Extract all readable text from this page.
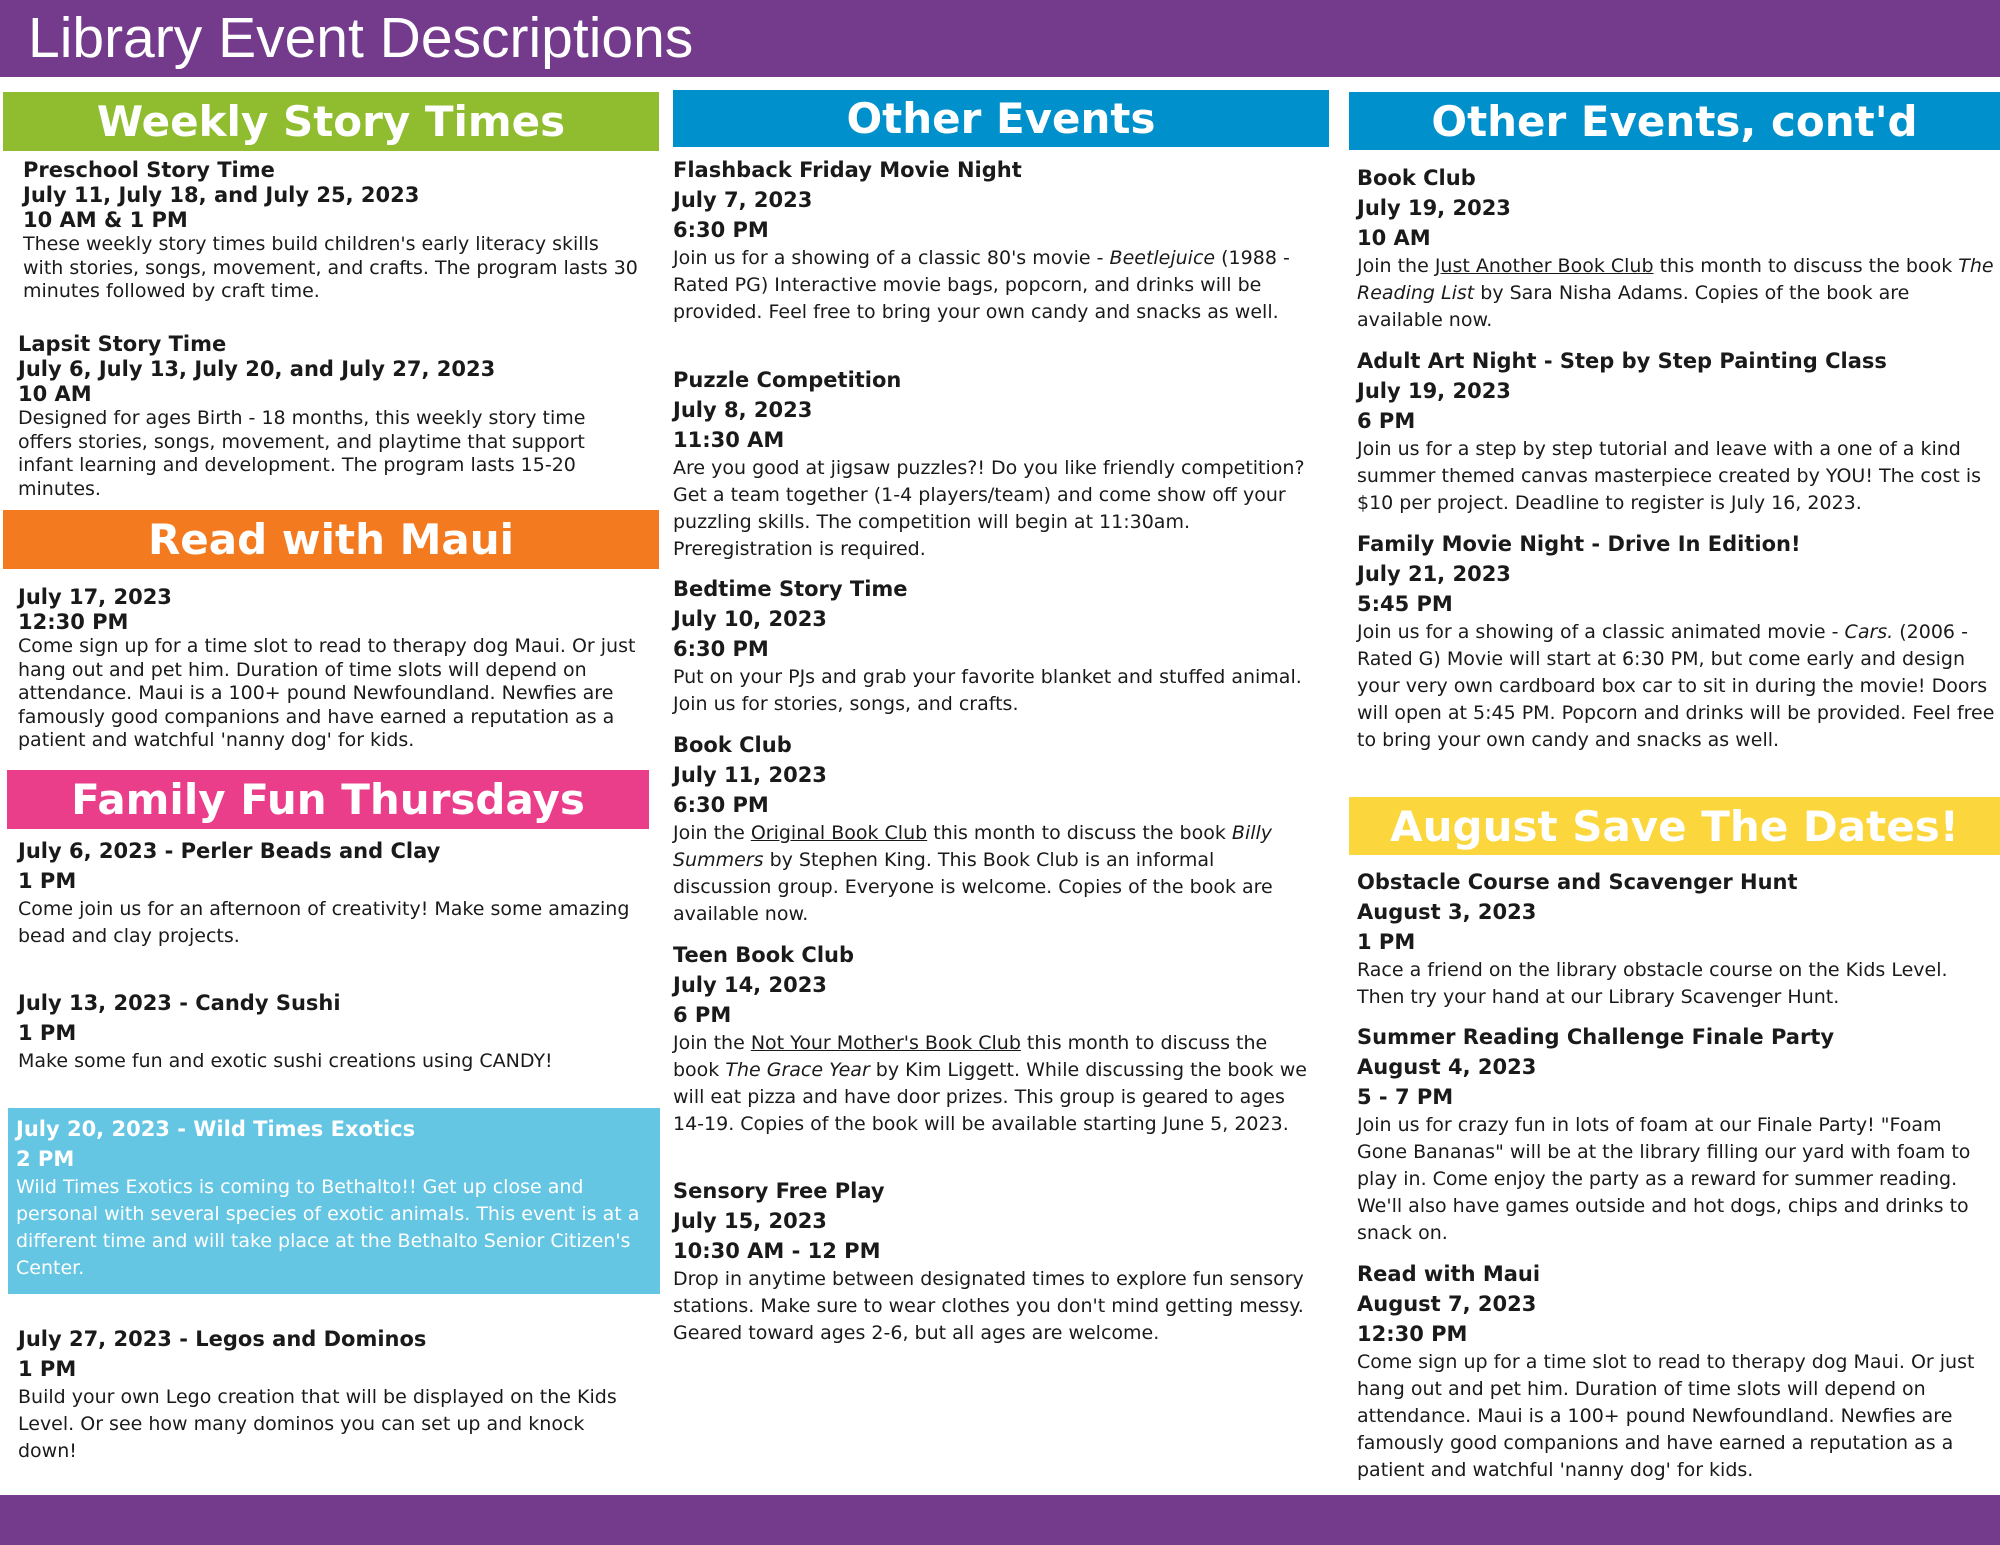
Library Event Descriptions
Weekly Story Times
Preschool Story Time
July 11, July 18, and July 25, 2023
10 AM & 1 PM
These weekly story times build children's early literacy skills with stories, songs, movement, and crafts. The program lasts 30 minutes followed by craft time.
Lapsit Story Time
July 6, July 13, July 20, and July 27, 2023
10 AM
Designed for ages Birth - 18 months, this weekly story time offers stories, songs, movement, and playtime that support infant learning and development. The program lasts 15-20 minutes.
Read with Maui
July 17, 2023
12:30 PM
Come sign up for a time slot to read to therapy dog Maui. Or just hang out and pet him. Duration of time slots will depend on attendance. Maui is a 100+ pound Newfoundland. Newfies are famously good companions and have earned a reputation as a patient and watchful 'nanny dog' for kids.
Family Fun Thursdays
July 6, 2023 - Perler Beads and Clay
1 PM
Come join us for an afternoon of creativity! Make some amazing bead and clay projects.
July 13, 2023 - Candy Sushi
1 PM
Make some fun and exotic sushi creations using CANDY!
July 20, 2023 - Wild Times Exotics
2 PM
Wild Times Exotics is coming to Bethalto!! Get up close and personal with several species of exotic animals. This event is at a different time and will take place at the Bethalto Senior Citizen's Center.
July 27, 2023 - Legos and Dominos
1 PM
Build your own Lego creation that will be displayed on the Kids Level. Or see how many dominos you can set up and knock down!
Other Events
Flashback Friday Movie Night
July 7, 2023
6:30 PM
Join us for a showing of a classic 80's movie - Beetlejuice (1988 - Rated PG) Interactive movie bags, popcorn, and drinks will be provided. Feel free to bring your own candy and snacks as well.
Puzzle Competition
July 8, 2023
11:30 AM
Are you good at jigsaw puzzles?! Do you like friendly competition? Get a team together (1-4 players/team) and come show off your puzzling skills. The competition will begin at 11:30am. Preregistration is required.
Bedtime Story Time
July 10, 2023
6:30 PM
Put on your PJs and grab your favorite blanket and stuffed animal. Join us for stories, songs, and crafts.
Book Club
July 11, 2023
6:30 PM
Join the Original Book Club this month to discuss the book Billy Summers by Stephen King. This Book Club is an informal discussion group. Everyone is welcome. Copies of the book are available now.
Teen Book Club
July 14, 2023
6 PM
Join the Not Your Mother's Book Club this month to discuss the book The Grace Year by Kim Liggett. While discussing the book we will eat pizza and have door prizes. This group is geared to ages 14-19. Copies of the book will be available starting June 5, 2023.
Sensory Free Play
July 15, 2023
10:30 AM - 12 PM
Drop in anytime between designated times to explore fun sensory stations. Make sure to wear clothes you don't mind getting messy. Geared toward ages 2-6, but all ages are welcome.
Other Events, cont'd
Book Club
July 19, 2023
10 AM
Join the Just Another Book Club this month to discuss the book The Reading List by Sara Nisha Adams. Copies of the book are available now.
Adult Art Night - Step by Step Painting Class
July 19, 2023
6 PM
Join us for a step by step tutorial and leave with a one of a kind summer themed canvas masterpiece created by YOU! The cost is $10 per project. Deadline to register is July 16, 2023.
Family Movie Night - Drive In Edition!
July 21, 2023
5:45 PM
Join us for a showing of a classic animated movie - Cars. (2006 - Rated G) Movie will start at 6:30 PM, but come early and design your very own cardboard box car to sit in during the movie! Doors will open at 5:45 PM. Popcorn and drinks will be provided. Feel free to bring your own candy and snacks as well.
August Save The Dates!
Obstacle Course and Scavenger Hunt
August 3, 2023
1 PM
Race a friend on the library obstacle course on the Kids Level. Then try your hand at our Library Scavenger Hunt.
Summer Reading Challenge Finale Party
August 4, 2023
5 - 7 PM
Join us for crazy fun in lots of foam at our Finale Party! "Foam Gone Bananas" will be at the library filling our yard with foam to play in. Come enjoy the party as a reward for summer reading. We'll also have games outside and hot dogs, chips and drinks to snack on.
Read with Maui
August 7, 2023
12:30 PM
Come sign up for a time slot to read to therapy dog Maui. Or just hang out and pet him. Duration of time slots will depend on attendance. Maui is a 100+ pound Newfoundland. Newfies are famously good companions and have earned a reputation as a patient and watchful 'nanny dog' for kids.
